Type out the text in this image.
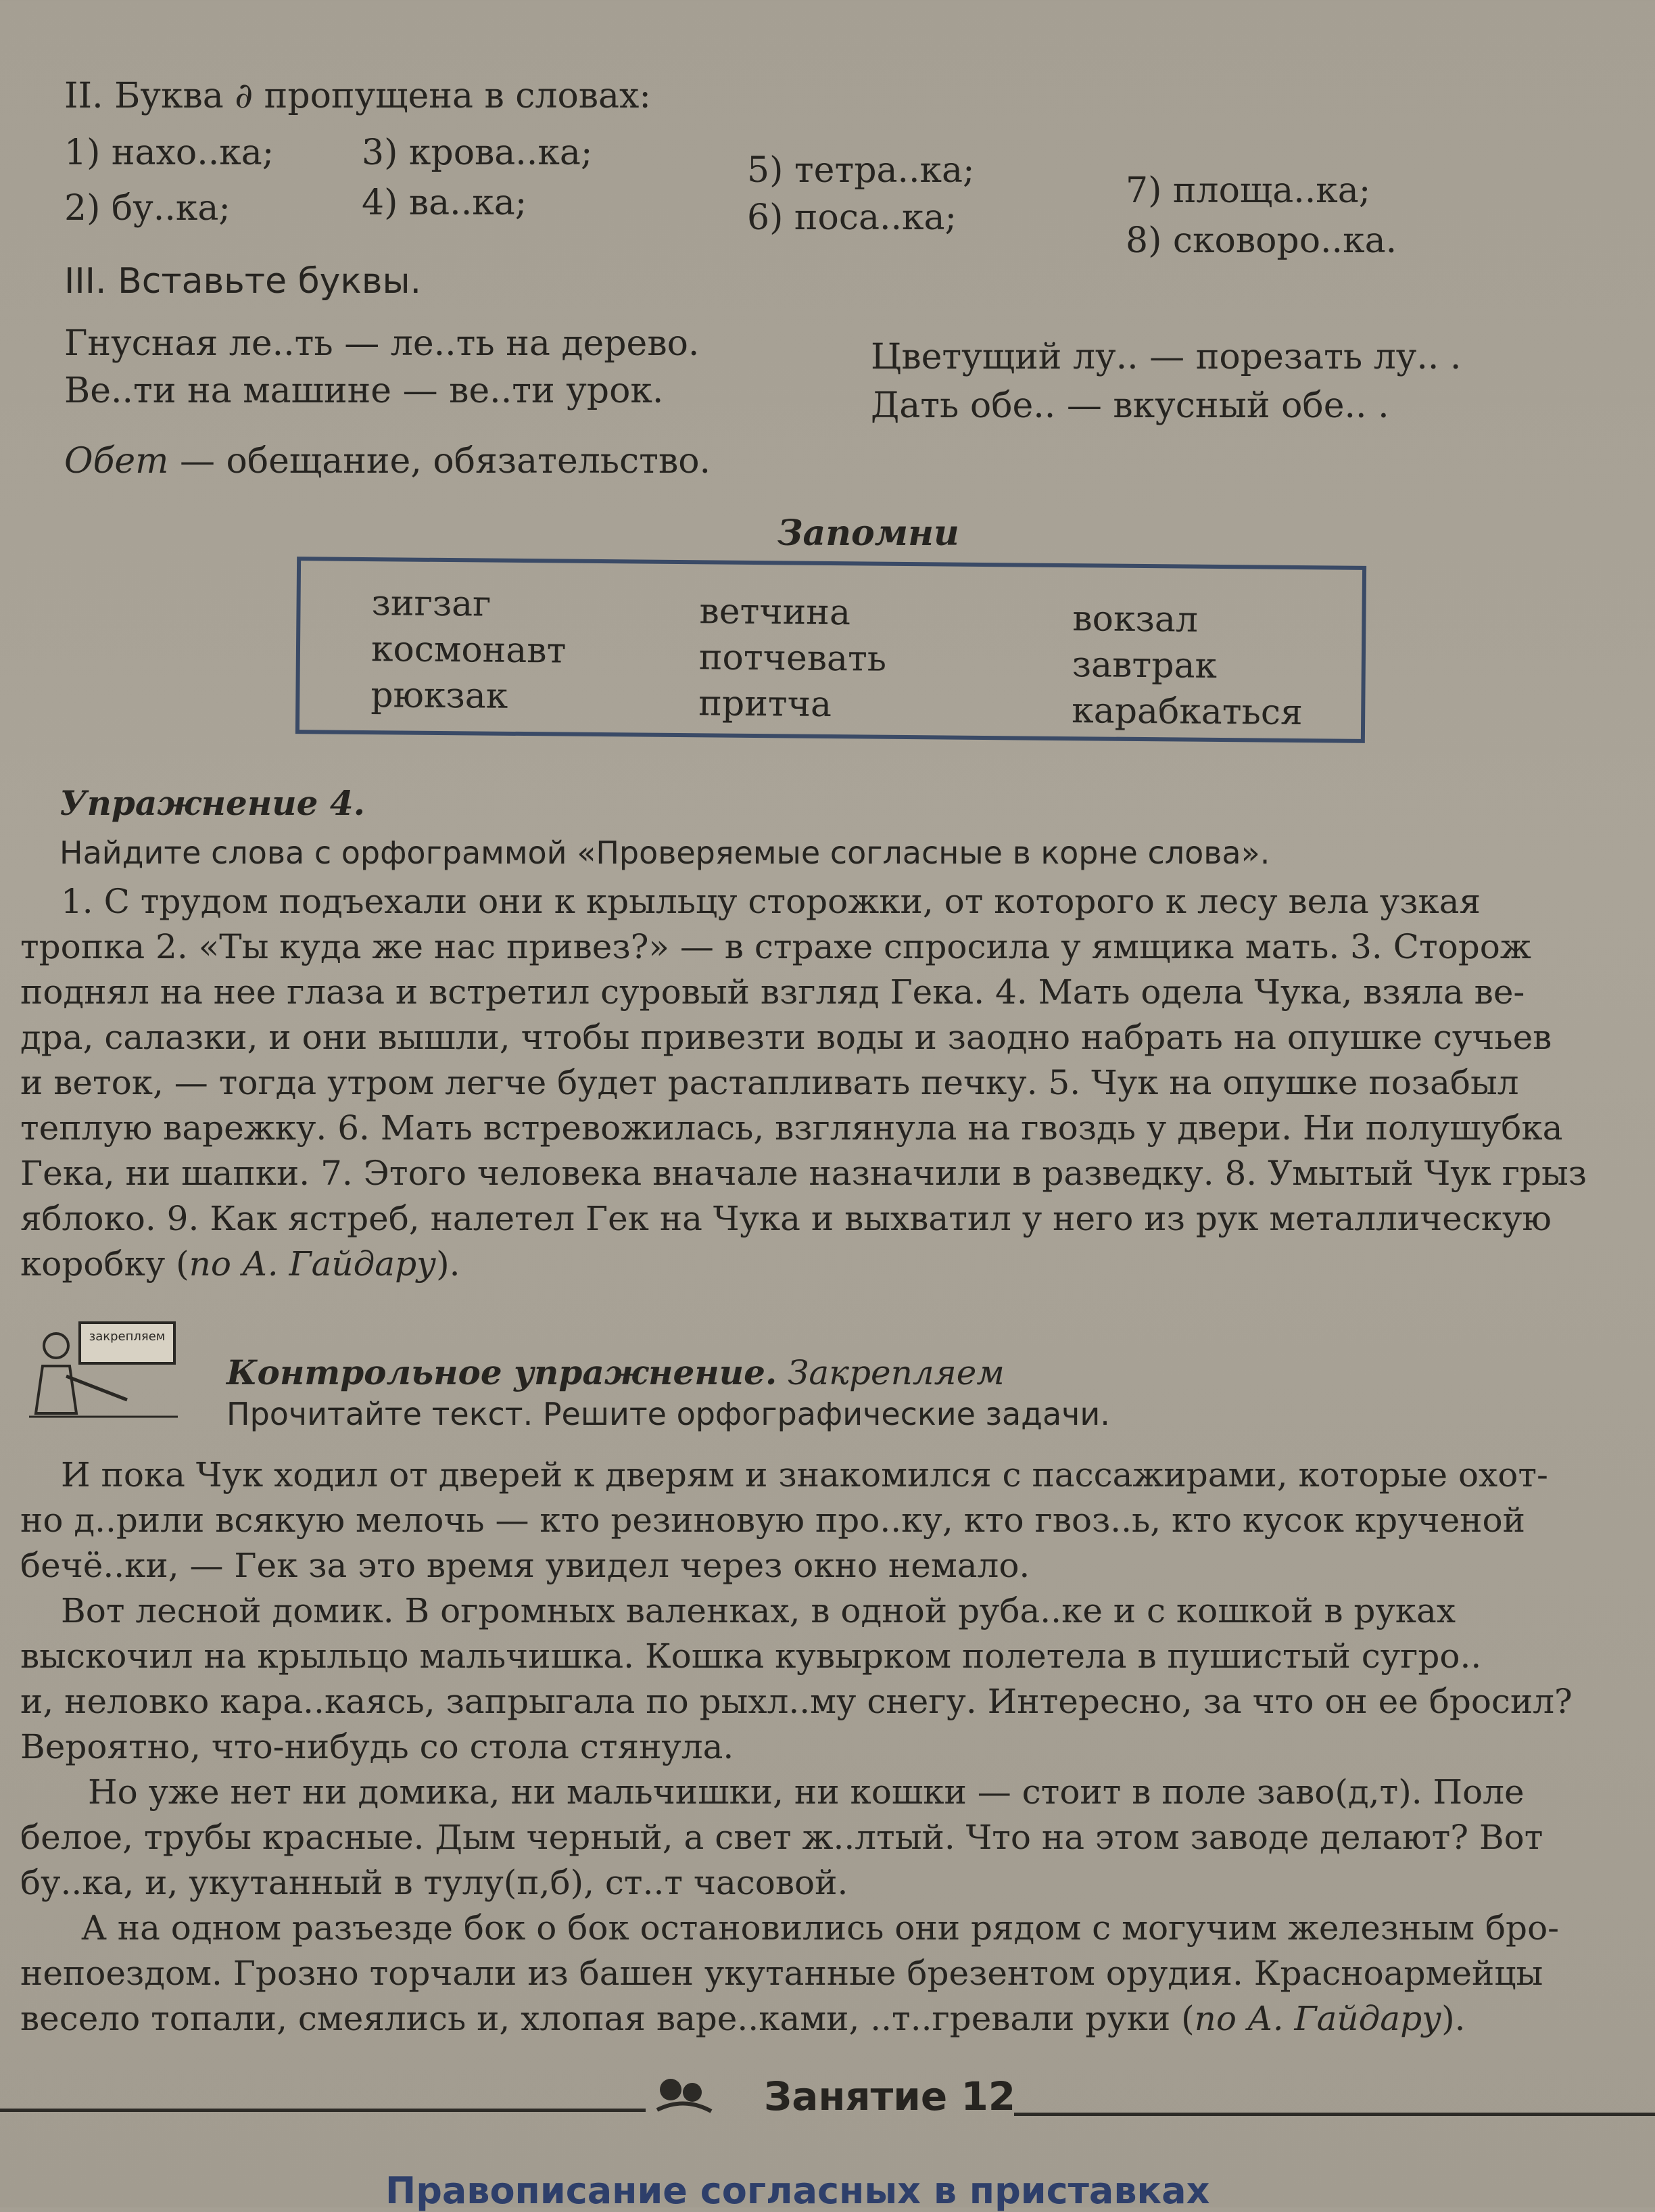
II. Буква ∂ пропущена в словах:
1) нахо..ка;
2) бу..ка;
3) крова..ка;
4) ва..ка;
5) тетра..ка;
6) поса..ка;
7) площа..ка;
8) сковоро..ка.
III. Вставьте буквы.
Гнусная ле..ть — ле..ть на дерево.
Ве..ти на машине — ве..ти урок.
Цветущий лу.. — порезать лу.. .
Дать обе.. — вкусный обе.. .
Обет — обещание, обязательство.
Запомни
зигзаг
космонавт
рюкзак
ветчина
потчевать
притча
вокзал
завтрак
карабкаться
Упражнение 4.
Найдите слова с орфограммой «Проверяемые согласные в корне слова».
1. С трудом подъехали они к крыльцу сторожки, от которого к лесу вела узкая
тропка 2. «Ты куда же нас привез?» — в страхе спросила у ямщика мать. 3. Сторож
поднял на нее глаза и встретил суровый взгляд Гека. 4. Мать одела Чука, взяла ве-
дра, салазки, и они вышли, чтобы привезти воды и заодно набрать на опушке сучьев
и веток, — тогда утром легче будет растапливать печку. 5. Чук на опушке позабыл
теплую варежку. 6. Мать встревожилась, взглянула на гвоздь у двери. Ни полушубка
Гека, ни шапки. 7. Этого человека вначале назначили в разведку. 8. Умытый Чук грыз
яблоко. 9. Как ястреб, налетел Гек на Чука и выхватил у него из рук металлическую
коробку (по А. Гайдару).
закрепляем
Контрольное упражнение. Закрепляем
Прочитайте текст. Решите орфографические задачи.
И пока Чук ходил от дверей к дверям и знакомился с пассажирами, которые охот-
но д..рили всякую мелочь — кто резиновую про..ку, кто гвоз..ь, кто кусок крученой
бечё..ки, — Гек за это время увидел через окно немало.
Вот лесной домик. В огромных валенках, в одной руба..ке и с кошкой в руках
выскочил на крыльцо мальчишка. Кошка кувырком полетела в пушистый сугро..
и, неловко кара..каясь, запрыгала по рыхл..му снегу. Интересно, за что он ее бросил?
Вероятно, что-нибудь со стола стянула.
Но уже нет ни домика, ни мальчишки, ни кошки — стоит в поле заво(д,т). Поле
белое, трубы красные. Дым черный, а свет ж..лтый. Что на этом заводе делают? Вот
бу..ка, и, укутанный в тулу(п,б), ст..т часовой.
А на одном разъезде бок о бок остановились они рядом с могучим железным бро-
непоездом. Грозно торчали из башен укутанные брезентом орудия. Красноармейцы
весело топали, смеялись и, хлопая варе..ками, ..т..гревали руки (по А. Гайдару).
Занятие 12
Правописание согласных в приставках
